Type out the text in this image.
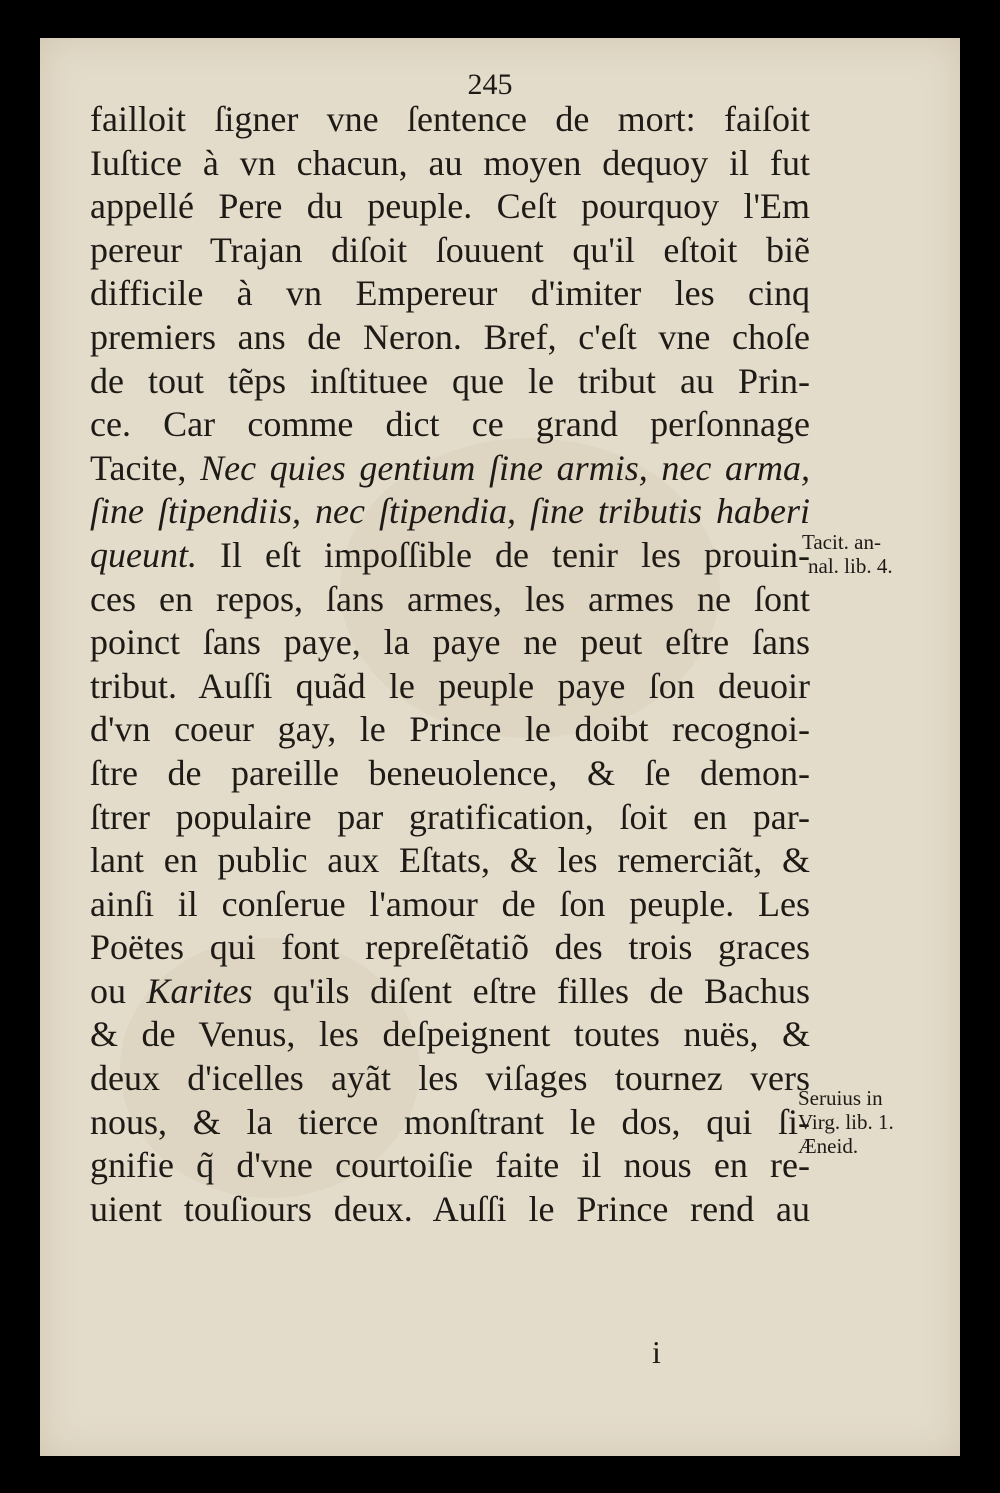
245
failloit ſigner vne ſentence de mort: faiſoit
Iuſtice à vn chacun, au moyen dequoy il fut
appellé Pere du peuple. Ceſt pourquoy l'Em
pereur Trajan diſoit ſouuent qu'il eſtoit biẽ
difficile à vn Empereur d'imiter les cinq
premiers ans de Neron. Bref, c'eſt vne choſe
de tout tẽps inſtituee que le tribut au Prin-
ce. Car comme dict ce grand perſonnage
Tacite, Nec quies gentium ſine armis, nec arma,
ſine ſtipendiis, nec ſtipendia, ſine tributis haberi
queunt. Il eſt impoſſible de tenir les prouin-
ces en repos, ſans armes, les armes ne ſont
poinct ſans paye, la paye ne peut eſtre ſans
tribut. Auſſi quãd le peuple paye ſon deuoir
d'vn coeur gay, le Prince le doibt recognoi-
ſtre de pareille beneuolence, & ſe demon-
ſtrer populaire par gratification, ſoit en par-
lant en public aux Eſtats, & les remerciãt, &
ainſi il conſerue l'amour de ſon peuple. Les
Poëtes qui font repreſẽtatiõ des trois graces
ou Karites qu'ils diſent eſtre filles de Bachus
& de Venus, les deſpeignent toutes nuës, &
deux d'icelles ayãt les viſages tournez vers
nous, & la tierce monſtrant le dos, qui ſi-
gnifie q̃ d'vne courtoiſie faite il nous en re-
uient touſiours deux. Auſſi le Prince rend au
Tacit. an-
nal. lib. 4.
Seruius in
Virg. lib. 1.
Æneid.
i
